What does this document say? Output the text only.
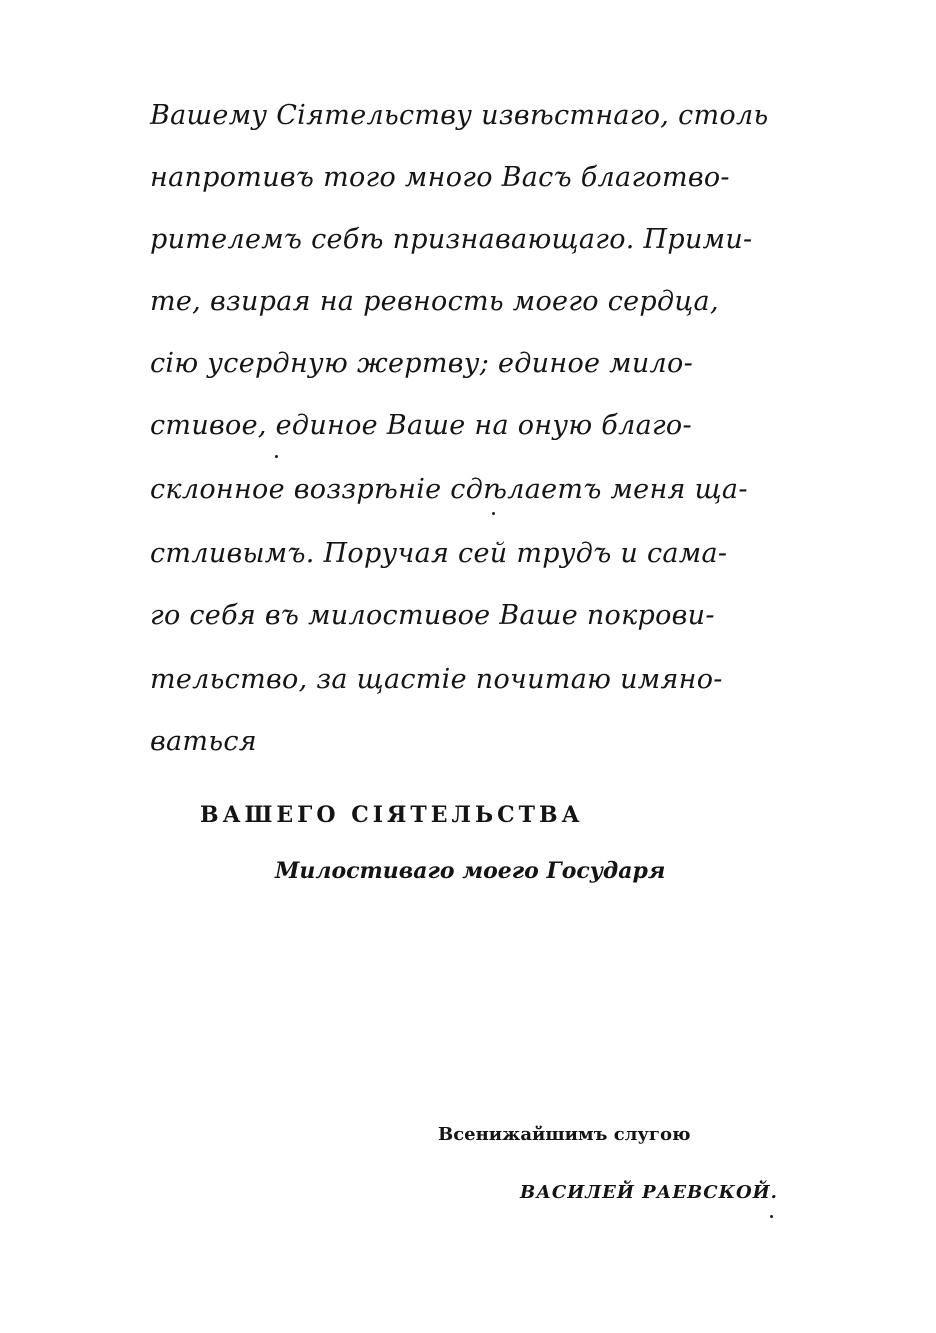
Вашему Сіятельству извѣстнаго, столь
напротивъ того много Васъ благотво-
рителемъ себѣ признавающаго. Прими-
те, взирая на ревность моего сердца,
сію усердную жертву; единое мило-
стивое, единое Ваше на оную благо-
склонное воззрѣніе сдѣлаетъ меня ща-
стливымъ. Поручая сей трудъ и сама-
го себя въ милостивое Ваше покрови-
тельство, за щастіе почитаю имяно-
ваться
ВАШЕГО СІЯТЕЛЬСТВА
Милостиваго моего Государя
Всенижайшимъ слугою
ВАСИЛЕЙ РАЕВСКОЙ.
